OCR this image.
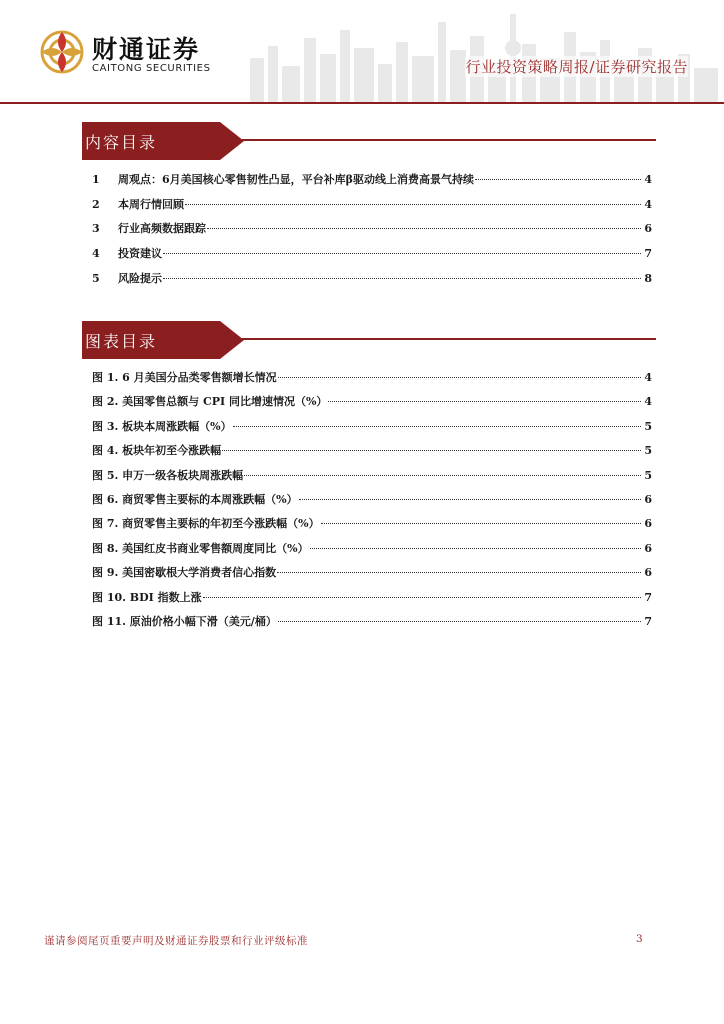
财通证券
CAITONG SECURITIES	行业投资策略周报/证券研究报告
内容目录
1	周观点：6月美国核心零售韧性凸显，平台补库β驱动线上消费高景气持续	4
2	本周行情回顾	4
3	行业高频数据跟踪	6
4	投资建议	7
5	风险提示	8
图表目录
图 1. 6 月美国分品类零售额增长情况	4
图 2. 美国零售总额与 CPI 同比增速情况（%）	4
图 3. 板块本周涨跌幅（%）	5
图 4. 板块年初至今涨跌幅	5
图 5. 申万一级各板块周涨跌幅	5
图 6. 商贸零售主要标的本周涨跌幅（%）	6
图 7. 商贸零售主要标的年初至今涨跌幅（%）	6
图 8. 美国红皮书商业零售额周度同比（%）	6
图 9. 美国密歇根大学消费者信心指数	6
图 10. BDI 指数上涨	7
图 11. 原油价格小幅下滑（美元/桶）	7
谨请参阅尾页重要声明及财通证券股票和行业评级标准	3
